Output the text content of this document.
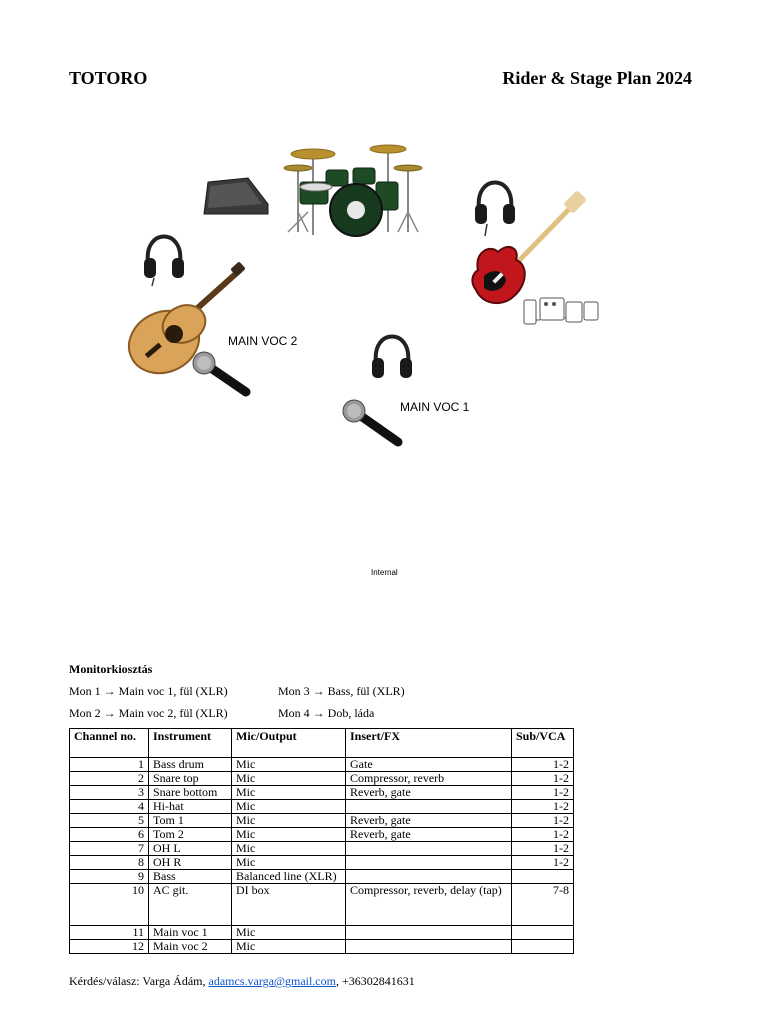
TOTORO	Rider & Stage Plan 2024
MAIN VOC 2
MAIN VOC 1
Internal
Monitorkiosztás
Mon 1 → Main voc 1, fül (XLR)
Mon 2 → Main voc 2, fül (XLR)
Mon 3 → Bass, fül (XLR)
Mon 4 → Dob, láda
Channel no.	Instrument	Mic/Output	Insert/FX	Sub/VCA
1	Bass drum	Mic	Gate	1-2
2	Snare top	Mic	Compressor, reverb	1-2
3	Snare bottom	Mic	Reverb, gate	1-2
4	Hi-hat	Mic		1-2
5	Tom 1	Mic	Reverb, gate	1-2
6	Tom 2	Mic	Reverb, gate	1-2
7	OH L	Mic		1-2
8	OH R	Mic		1-2
9	Bass	Balanced line (XLR)		
10	AC git.	DI box	Compressor, reverb, delay (tap)	7-8
11	Main voc 1	Mic		
12	Main voc 2	Mic		
Kérdés/válasz: Varga Ádám, adamcs.varga@gmail.com, +36302841631
